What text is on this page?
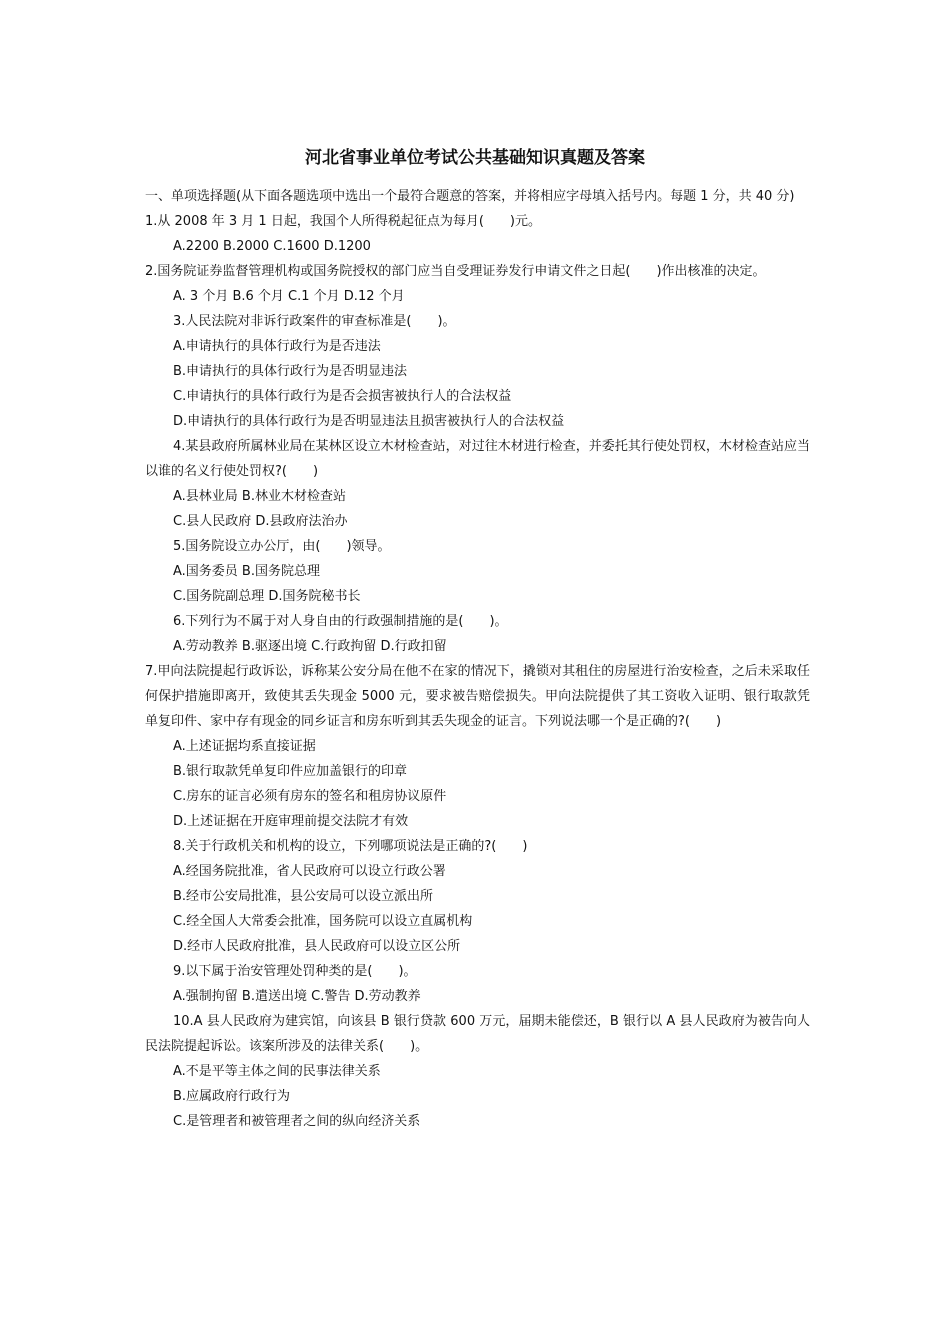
河北省事业单位考试公共基础知识真题及答案

一、单项选择题(从下面各题选项中选出一个最符合题意的答案，并将相应字母填入括号内。每题 1 分，共 40 分)

1.从 2008 年 3 月 1 日起，我国个人所得税起征点为每月(　　)元。

A.2200 B.2000 C.1600 D.1200

2.国务院证券监督管理机构或国务院授权的部门应当自受理证券发行申请文件之日起(　　)作出核准的决定。

A. 3 个月 B.6 个月 C.1 个月 D.12 个月

3.人民法院对非诉行政案件的审查标准是(　　)。

A.申请执行的具体行政行为是否违法

B.申请执行的具体行政行为是否明显违法

C.申请执行的具体行政行为是否会损害被执行人的合法权益

D.申请执行的具体行政行为是否明显违法且损害被执行人的合法权益

4.某县政府所属林业局在某林区设立木材检查站，对过往木材进行检查，并委托其行使处罚权，木材检查站应当以谁的名义行使处罚权?(　　)

A.县林业局 B.林业木材检查站

C.县人民政府 D.县政府法治办

5.国务院设立办公厅，由(　　)领导。

A.国务委员 B.国务院总理

C.国务院副总理 D.国务院秘书长

6.下列行为不属于对人身自由的行政强制措施的是(　　)。

A.劳动教养 B.驱逐出境 C.行政拘留 D.行政扣留

7.甲向法院提起行政诉讼，诉称某公安分局在他不在家的情况下，撬锁对其租住的房屋进行治安检查，之后未采取任何保护措施即离开，致使其丢失现金 5000 元，要求被告赔偿损失。甲向法院提供了其工资收入证明、银行取款凭单复印件、家中存有现金的同乡证言和房东听到其丢失现金的证言。下列说法哪一个是正确的?(　　)

A.上述证据均系直接证据

B.银行取款凭单复印件应加盖银行的印章

C.房东的证言必须有房东的签名和租房协议原件

D.上述证据在开庭审理前提交法院才有效

8.关于行政机关和机构的设立，下列哪项说法是正确的?(　　)

A.经国务院批准，省人民政府可以设立行政公署

B.经市公安局批准，县公安局可以设立派出所

C.经全国人大常委会批准，国务院可以设立直属机构

D.经市人民政府批准，县人民政府可以设立区公所

9.以下属于治安管理处罚种类的是(　　)。

A.强制拘留 B.遣送出境 C.警告 D.劳动教养

10.A 县人民政府为建宾馆，向该县 B 银行贷款 600 万元，届期未能偿还，B 银行以 A 县人民政府为被告向人民法院提起诉讼。该案所涉及的法律关系(　　)。

A.不是平等主体之间的民事法律关系

B.应属政府行政行为

C.是管理者和被管理者之间的纵向经济关系
